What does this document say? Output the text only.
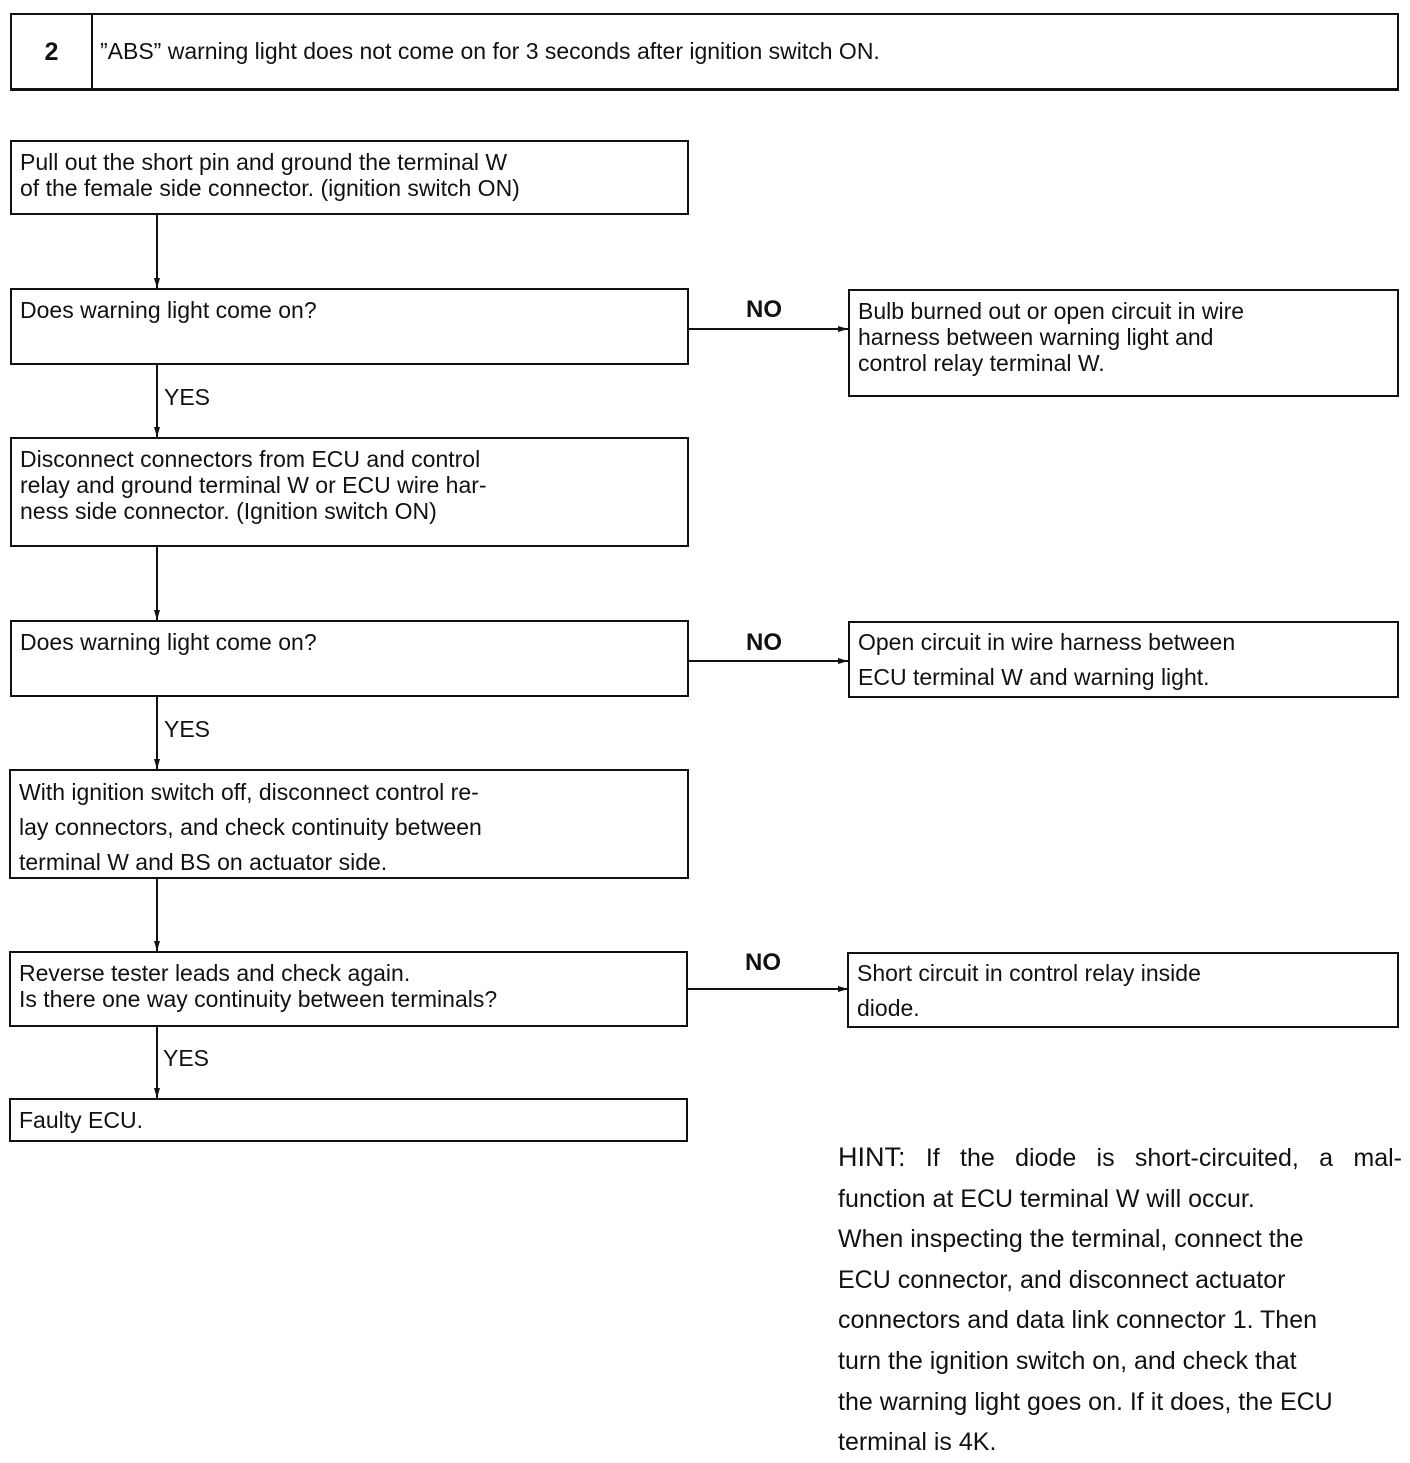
2	”ABS” warning light does not come on for 3 seconds after ignition switch ON.
Pull out the short pin and ground the terminal W
of the female side connector. (ignition switch ON)
Does warning light come on?	NO
YES
Bulb burned out or open circuit in wire
harness between warning light and
control relay terminal W.
Disconnect connectors from ECU and control
relay and ground terminal W or ECU wire har-
ness side connector. (Ignition switch ON)
Does warning light come on?	NO
YES
Open circuit in wire harness between
ECU terminal W and warning light.
With ignition switch off, disconnect control re-
lay connectors, and check continuity between
terminal W and BS on actuator side.
Reverse tester leads and check again.
Is there one way continuity between terminals?
NO
YES
Short circuit in control relay inside
diode.
Faulty ECU.
HINT: If the diode is short-circuited, a mal-
function at ECU terminal W will occur.
When inspecting the terminal, connect the
ECU connector, and disconnect actuator
connectors and data link connector 1. Then
turn the ignition switch on, and check that
the warning light goes on. If it does, the ECU
terminal is 4K.
